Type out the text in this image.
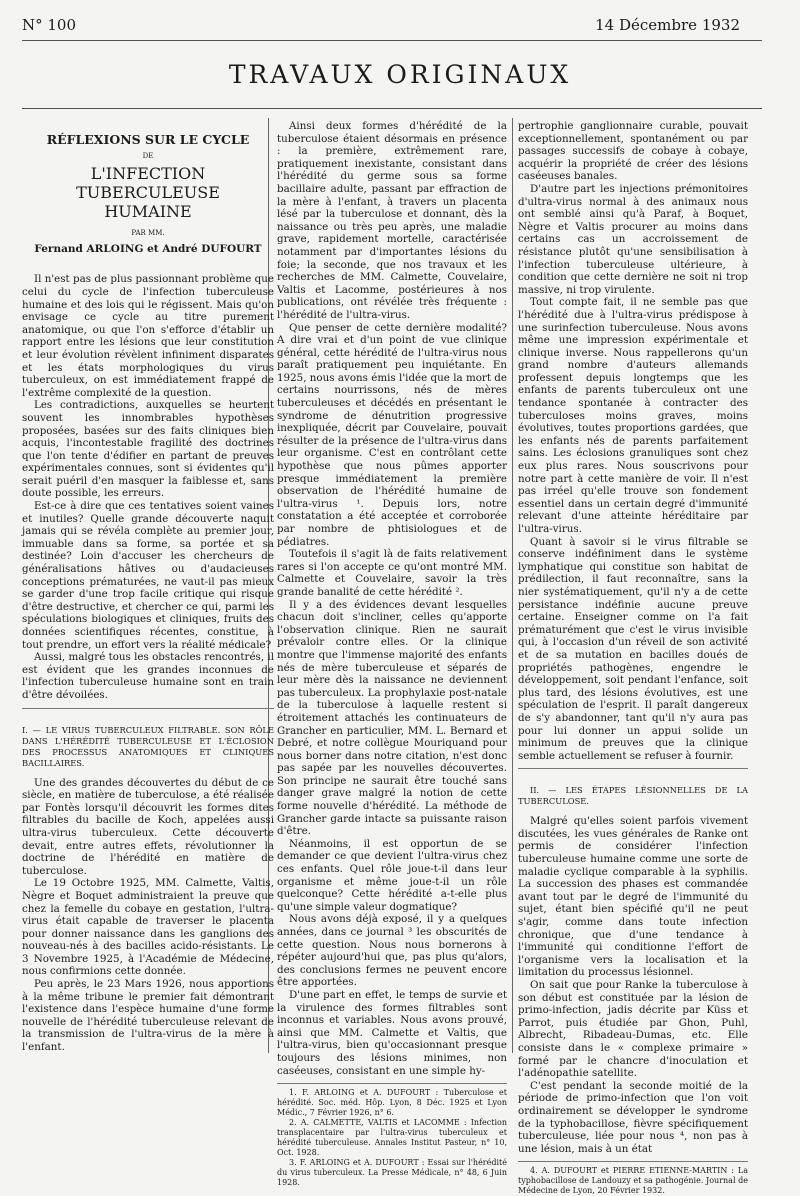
N° 100	14 Décembre 1932
TRAVAUX ORIGINAUX
RÉFLEXIONS SUR LE CYCLE
DE
L'INFECTION TUBERCULEUSE
HUMAINE
PAR MM.
Fernand ARLOING et André DUFOURT

Il n'est pas de plus passionnant problème que celui du cycle de l'infection tuberculeuse humaine et des lois qui le régissent. Mais qu'on envisage ce cycle au titre purement anatomique, ou que l'on s'efforce d'établir un rapport entre les lésions que leur constitution et leur évolution révèlent infiniment disparates et les états morphologiques du virus tuberculeux, on est immédiatement frappé de l'extrême complexité de la question.

Les contradictions, auxquelles se heurtent souvent les innombrables hypothèses proposées, basées sur des faits cliniques bien acquis, l'incontestable fragilité des doctrines que l'on tente d'édifier en partant de preuves expérimentales connues, sont si évidentes qu'il serait puéril d'en masquer la faiblesse et, sans doute possible, les erreurs.

Est-ce à dire que ces tentatives soient vaines et inutiles? Quelle grande découverte naquit jamais qui se révéla complète au premier jour, immuable dans sa forme, sa portée et sa destinée? Loin d'accuser les chercheurs de généralisations hâtives ou d'audacieuses conceptions prématurées, ne vaut-il pas mieux se garder d'une trop facile critique qui risque d'être destructive, et chercher ce qui, parmi les spéculations biologiques et cliniques, fruits des données scientifiques récentes, constitue, à tout prendre, un effort vers la réalité médicale?

Aussi, malgré tous les obstacles rencontrés, il est évident que les grandes inconnues de l'infection tuberculeuse humaine sont en train d'être dévoilées.

I. — LE VIRUS TUBERCULEUX FILTRABLE. SON RÔLE DANS L'HÉRÉDITÉ TUBERCULEUSE ET L'ÉCLOSION DES PROCESSUS ANATOMIQUES ET CLINIQUES BACILLAIRES.

Une des grandes découvertes du début de ce siècle, en matière de tuberculose, a été réalisée par Fontès lorsqu'il découvrit les formes dites filtrables du bacille de Koch, appelées aussi ultra-virus tuberculeux. Cette découverte devait, entre autres effets, révolutionner la doctrine de l'hérédité en matière de tuberculose.

Le 19 Octobre 1925, MM. Calmette, Valtis, Nègre et Boquet administraient la preuve que chez la femelle du cobaye en gestation, l'ultra-virus était capable de traverser le placenta pour donner naissance dans les ganglions des nouveau-nés à des bacilles acido-résistants. Le 3 Novembre 1925, à l'Académie de Médecine, nous confirmions cette donnée.

Peu après, le 23 Mars 1926, nous apportions à la même tribune le premier fait démontrant l'existence dans l'espèce humaine d'une forme nouvelle de l'hérédité tuberculeuse relevant de la transmission de l'ultra-virus de la mère à l'enfant.

Ainsi deux formes d'hérédité de la tuberculose étaient désormais en présence : la première, extrêmement rare, pratiquement inexistante, consistant dans l'hérédité du germe sous sa forme bacillaire adulte, passant par effraction de la mère à l'enfant, à travers un placenta lésé par la tuberculose et donnant, dès la naissance ou très peu après, une maladie grave, rapidement mortelle, caractérisée notamment par d'importantes lésions du foie; la seconde, que nos travaux et les recherches de MM. Calmette, Couvelaire, Valtis et Lacomme, postérieures à nos publications, ont révélée très fréquente : l'hérédité de l'ultra-virus.

Que penser de cette dernière modalité? A dire vrai et d'un point de vue clinique général, cette hérédité de l'ultra-virus nous paraît pratiquement peu inquiétante. En 1925, nous avons émis l'idée que la mort de certains nourrissons, nés de mères tuberculeuses et décédés en présentant le syndrome de dénutrition progressive inexpliquée, décrit par Couvelaire, pouvait résulter de la présence de l'ultra-virus dans leur organisme. C'est en contrôlant cette hypothèse que nous pûmes apporter presque immédiatement la première observation de l'hérédité humaine de l'ultra-virus ¹. Depuis lors, notre constatation a été acceptée et corroborée par nombre de phtisiologues et de pédiatres.

Toutefois il s'agit là de faits relativement rares si l'on accepte ce qu'ont montré MM. Calmette et Couvelaire, savoir la très grande banalité de cette hérédité ².

Il y a des évidences devant lesquelles chacun doit s'incliner, celles qu'apporte l'observation clinique. Rien ne saurait prévaloir contre elles. Or la clinique montre que l'immense majorité des enfants nés de mère tuberculeuse et séparés de leur mère dès la naissance ne deviennent pas tuberculeux. La prophylaxie post-natale de la tuberculose à laquelle restent si étroitement attachés les continuateurs de Grancher en particulier, MM. L. Bernard et Debré, et notre collègue Mouriquand pour nous borner dans notre citation, n'est donc pas sapée par les nouvelles découvertes. Son principe ne saurait être touché sans danger grave malgré la notion de cette forme nouvelle d'hérédité. La méthode de Grancher garde intacte sa puissante raison d'être.

Néanmoins, il est opportun de se demander ce que devient l'ultra-virus chez ces enfants. Quel rôle joue-t-il dans leur organisme et même joue-t-il un rôle quelconque? Cette hérédité a-t-elle plus qu'une simple valeur dogmatique?

Nous avons déjà exposé, il y a quelques années, dans ce journal ³ les obscurités de cette question. Nous nous bornerons à répéter aujourd'hui que, pas plus qu'alors, des conclusions fermes ne peuvent encore être apportées.

D'une part en effet, le temps de survie et la virulence des formes filtrables sont inconnus et variables. Nous avons prouvé, ainsi que MM. Calmette et Valtis, que l'ultra-virus, bien qu'occasionnant presque toujours des lésions minimes, non caséeuses, consistant en une simple hy-

1. F. ARLOING et A. DUFOURT : Tuberculose et hérédité. Soc. méd. Hôp. Lyon, 8 Déc. 1925 et Lyon Médic., 7 Février 1926, n° 6.

2. A. CALMETTE, VALTIS et LACOMME : Infection transplacentaire par l'ultra-virus tuberculeux et hérédité tuberculeuse. Annales Institut Pasteur, n° 10, Oct. 1928.

3. F. ARLOING et A. DUFOURT : Essai sur l'hérédité du virus tuberculeux. La Presse Médicale, n° 48, 6 Juin 1928.

pertrophie ganglionnaire curable, pouvait exceptionnellement, spontanément ou par passages successifs de cobaye à cobaye, acquérir la propriété de créer des lésions caséeuses banales.

D'autre part les injections prémonitoires d'ultra-virus normal à des animaux nous ont semblé ainsi qu'à Paraf, à Boquet, Nègre et Valtis procurer au moins dans certains cas un accroissement de résistance plutôt qu'une sensibilisation à l'infection tuberculeuse ultérieure, à condition que cette dernière ne soit ni trop massive, ni trop virulente.

Tout compte fait, il ne semble pas que l'hérédité due à l'ultra-virus prédispose à une surinfection tuberculeuse. Nous avons même une impression expérimentale et clinique inverse. Nous rappellerons qu'un grand nombre d'auteurs allemands professent depuis longtemps que les enfants de parents tuberculeux ont une tendance spontanée à contracter des tuberculoses moins graves, moins évolutives, toutes proportions gardées, que les enfants nés de parents parfaitement sains. Les éclosions granuliques sont chez eux plus rares. Nous souscrivons pour notre part à cette manière de voir. Il n'est pas irréel qu'elle trouve son fondement essentiel dans un certain degré d'immunité relevant d'une atteinte héréditaire par l'ultra-virus.

Quant à savoir si le virus filtrable se conserve indéfiniment dans le système lymphatique qui constitue son habitat de prédilection, il faut reconnaître, sans la nier systématiquement, qu'il n'y a de cette persistance indéfinie aucune preuve certaine. Enseigner comme on l'a fait prématurément que c'est le virus invisible qui, à l'occasion d'un réveil de son activité et de sa mutation en bacilles doués de propriétés pathogènes, engendre le développement, soit pendant l'enfance, soit plus tard, des lésions évolutives, est une spéculation de l'esprit. Il paraît dangereux de s'y abandonner, tant qu'il n'y aura pas pour lui donner un appui solide un minimum de preuves que la clinique semble actuellement se refuser à fournir.

II. — LES ÉTAPES LÉSIONNELLES DE LA TUBERCULOSE.

Malgré qu'elles soient parfois vivement discutées, les vues générales de Ranke ont permis de considérer l'infection tuberculeuse humaine comme une sorte de maladie cyclique comparable à la syphilis. La succession des phases est commandée avant tout par le degré de l'immunité du sujet, étant bien spécifié qu'il ne peut s'agir, comme dans toute infection chronique, que d'une tendance à l'immunité qui conditionne l'effort de l'organisme vers la localisation et la limitation du processus lésionnel.

On sait que pour Ranke la tuberculose à son début est constituée par la lésion de primo-infection, jadis décrite par Küss et Parrot, puis étudiée par Ghon, Puhl, Albrecht, Ribadeau-Dumas, etc. Elle consiste dans le « complexe primaire » formé par le chancre d'inoculation et l'adénopathie satellite.

C'est pendant la seconde moitié de la période de primo-infection que l'on voit ordinairement se développer le syndrome de la typhobacillose, fièvre spécifiquement tuberculeuse, liée pour nous ⁴, non pas à une lésion, mais à un état

4. A. DUFOURT et PIERRE ETIENNE-MARTIN : La typhobacillose de Landouzy et sa pathogénie. Journal de Médecine de Lyon, 20 Février 1932.
